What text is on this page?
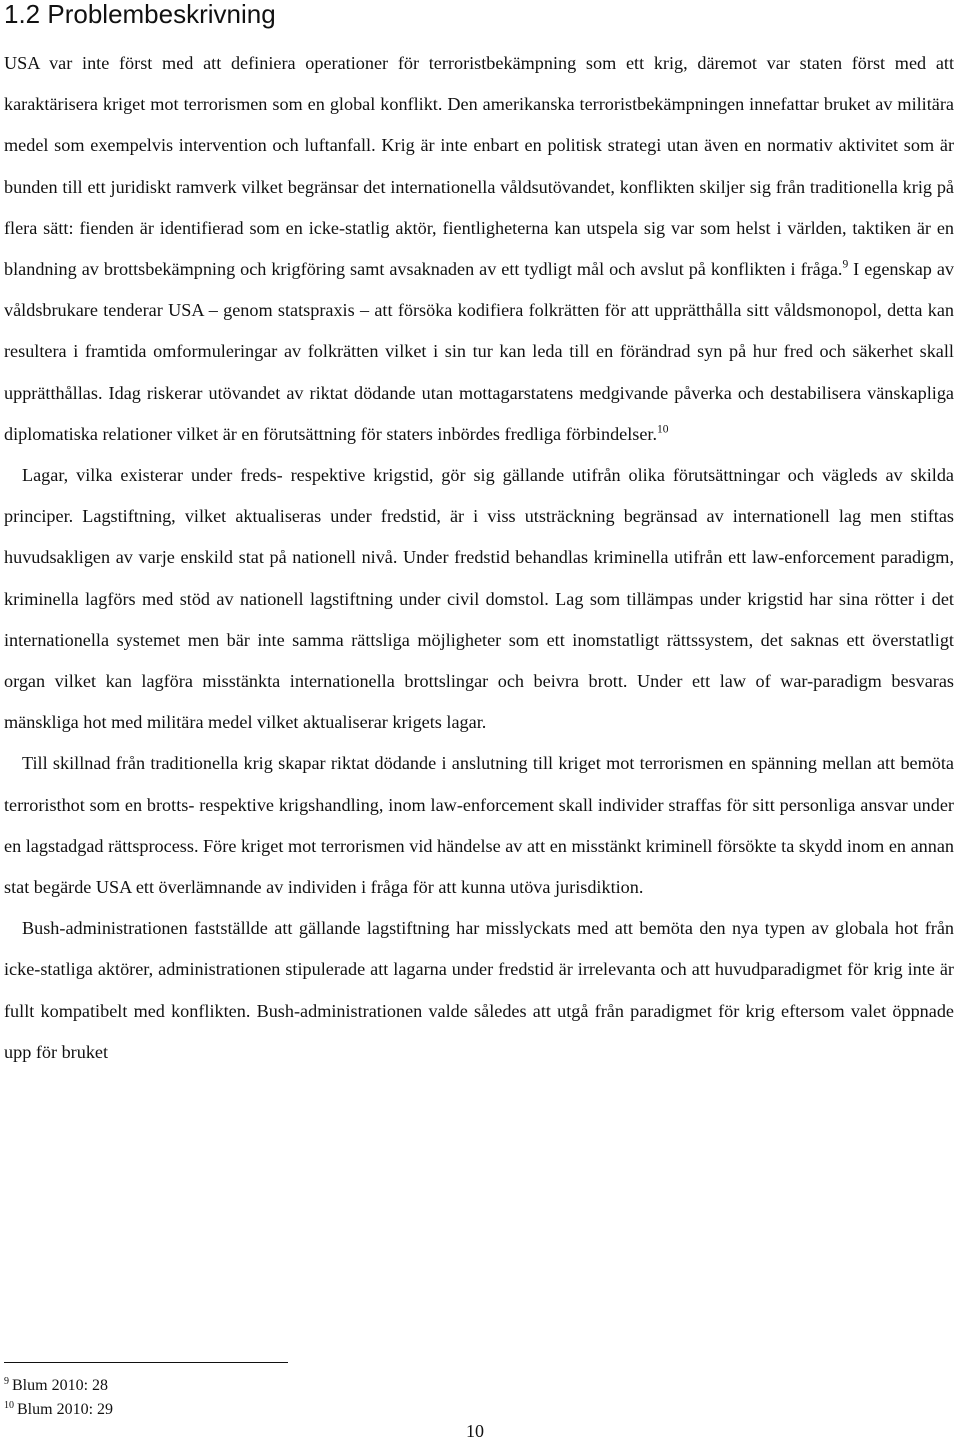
1.2 Problembeskrivning

USA var inte först med att definiera operationer för terroristbekämpning som ett krig, däremot var staten först med att karaktärisera kriget mot terrorismen som en global konflikt. Den amerikanska terroristbekämpningen innefattar bruket av militära medel som exempelvis intervention och luftanfall. Krig är inte enbart en politisk strategi utan även en normativ aktivitet som är bunden till ett juridiskt ramverk vilket begränsar det internationella våldsutövandet, konflikten skiljer sig från traditionella krig på flera sätt: fienden är identifierad som en icke-statlig aktör, fientligheterna kan utspela sig var som helst i världen, taktiken är en blandning av brottsbekämpning och krigföring samt avsaknaden av ett tydligt mål och avslut på konflikten i fråga.$^9$ I egenskap av våldsbrukare tenderar USA – genom statspraxis – att försöka kodifiera folkrätten för att upprätthålla sitt våldsmonopol, detta kan resultera i framtida omformuleringar av folkrätten vilket i sin tur kan leda till en förändrad syn på hur fred och säkerhet skall upprätthållas. Idag riskerar utövandet av riktat dödande utan mottagarstatens medgivande påverka och destabilisera vänskapliga diplomatiska relationer vilket är en förutsättning för staters inbördes fredliga förbindelser.$^{10}$

Lagar, vilka existerar under freds- respektive krigstid, gör sig gällande utifrån olika förutsättningar och vägleds av skilda principer. Lagstiftning, vilket aktualiseras under fredstid, är i viss utsträckning begränsad av internationell lag men stiftas huvudsakligen av varje enskild stat på nationell nivå. Under fredstid behandlas kriminella utifrån ett law-enforcement paradigm, kriminella lagförs med stöd av nationell lagstiftning under civil domstol. Lag som tillämpas under krigstid har sina rötter i det internationella systemet men bär inte samma rättsliga möjligheter som ett inomstatligt rättssystem, det saknas ett överstatligt organ vilket kan lagföra misstänkta internationella brottslingar och beivra brott. Under ett law of war-paradigm besvaras mänskliga hot med militära medel vilket aktualiserar krigets lagar.

Till skillnad från traditionella krig skapar riktat dödande i anslutning till kriget mot terrorismen en spänning mellan att bemöta terroristhot som en brotts- respektive krigshandling, inom law-enforcement skall individer straffas för sitt personliga ansvar under en lagstadgad rättsprocess. Före kriget mot terrorismen vid händelse av att en misstänkt kriminell försökte ta skydd inom en annan stat begärde USA ett överlämnande av individen i fråga för att kunna utöva jurisdiktion.

Bush-administrationen fastställde att gällande lagstiftning har misslyckats med att bemöta den nya typen av globala hot från icke-statliga aktörer, administrationen stipulerade att lagarna under fredstid är irrelevanta och att huvudparadigmet för krig inte är fullt kompatibelt med konflikten. Bush-administrationen valde således att utgå från paradigmet för krig eftersom valet öppnade upp för bruket

$^9$ Blum 2010: 28
$^{10}$ Blum 2010: 29
10
